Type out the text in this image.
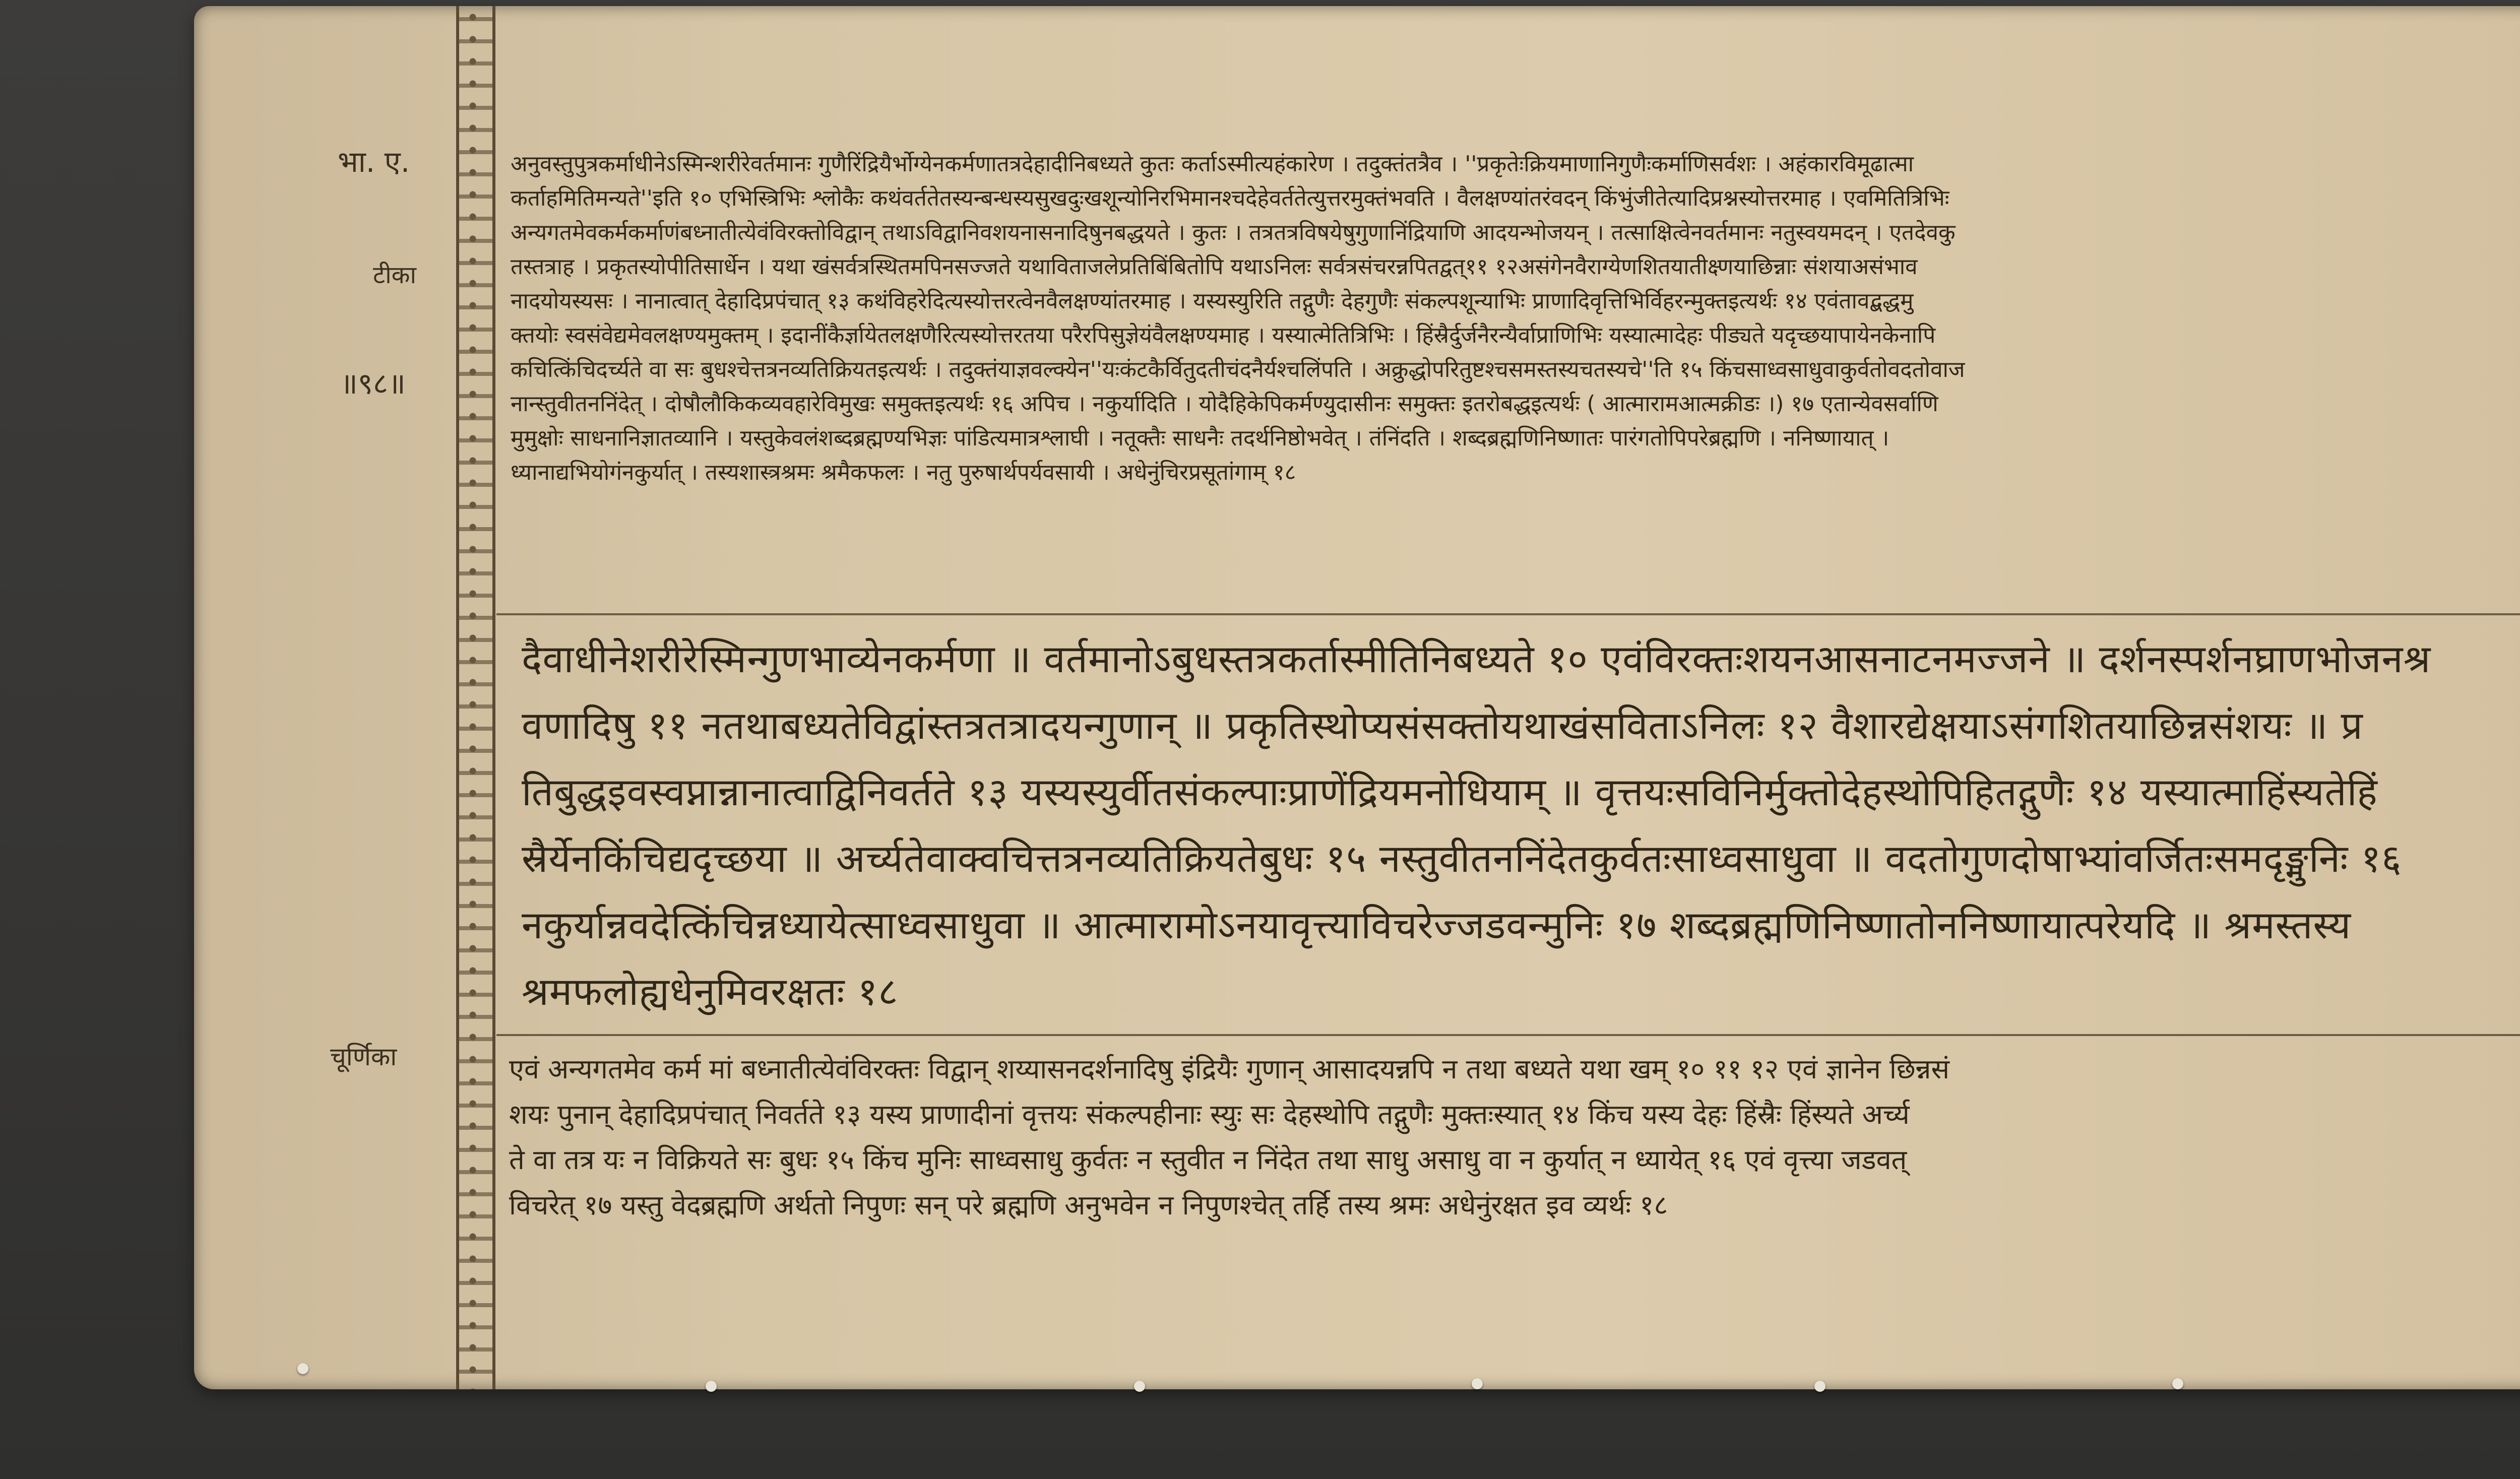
भा. ए.
टीका
॥९८॥
चूर्णिका

अनुवस्तुपुत्रकर्माधीनेऽस्मिन्शरीरेवर्तमानः गुणैरिंद्रियैर्भोग्येनकर्मणातत्रदेहादीनिबध्यते कुतः कर्ताऽस्मीत्यहंकारेण । तदुक्तंतत्रैव । ''प्रकृतेःक्रियमाणानिगुणैःकर्माणिसर्वशः । अहंकारविमूढात्मा

कर्ताहमितिमन्यते''इति १० एभिस्त्रिभिः श्लोकैः कथंवर्ततेतस्यन्बन्धस्यसुखदुःखशून्योनिरभिमानश्चदेहेवर्ततेत्युत्तरमुक्तंभवति । वैलक्षण्यांतरंवदन् किंभुंजीतेत्यादिप्रश्नस्योत्तरमाह । एवमितित्रिभिः

अन्यगतमेवकर्मकर्माणंबध्नातीत्येवंविरक्तोविद्वान् तथाऽविद्वानिवशयनासनादिषुनबद्धयते । कुतः । तत्रतत्रविषयेषुगुणानिंद्रियाणि आदयन्भोजयन् । तत्साक्षित्वेनवर्तमानः नतुस्वयमदन् । एतदेवकु

तस्तत्राह । प्रकृतस्योपीतिसार्धेन । यथा खंसर्वत्रस्थितमपिनसज्जते यथाविताजलेप्रतिबिंबितोपि यथाऽनिलः सर्वत्रसंचरन्नपितद्वत्११ १२असंगेनवैराग्येणशितयातीक्ष्णयाछिन्नाः संशयाअसंभाव

नादयोयस्यसः । नानात्वात् देहादिप्रपंचात् १३ कथंविहरेदित्यस्योत्तरत्वेनवैलक्षण्यांतरमाह । यस्यस्युरिति तद्गुणैः देहगुणैः संकल्पशून्याभिः प्राणादिवृत्तिभिर्विहरन्मुक्तइत्यर्थः १४ एवंतावद्बद्धमु

क्तयोः स्वसंवेद्यमेवलक्षण्यमुक्तम् । इदानींकैर्ज्ञायेतलक्षणैरित्यस्योत्तरतया परैरपिसुज्ञेयंवैलक्षण्यमाह । यस्यात्मेतित्रिभिः । हिंस्रैर्दुर्जनैरन्यैर्वाप्राणिभिः यस्यात्मादेहः पीड्यते यदृच्छयापायेनकेनापि

कचित्किंचिदर्च्यते वा सः बुधश्चेत्तत्रनव्यतिक्रियतइत्यर्थः । तदुक्तंयाज्ञवल्क्येन''यःकंटकैर्वितुदतीचंदनैर्यश्चलिंपति । अक्रुद्धोपरितुष्टश्चसमस्तस्यचतस्यचे''ति १५ किंचसाध्वसाधुवाकुर्वतोवदतोवाज

नान्स्तुवीतननिंदेत् । दोषौलौकिकव्यवहारेविमुखः समुक्तइत्यर्थः १६ अपिच । नकुर्यादिति । योदैहिकेपिकर्मण्युदासीनः समुक्तः इतरोबद्धइत्यर्थः ( आत्मारामआत्मक्रीडः ।) १७ एतान्येवसर्वाणि

मुमुक्षोः साधनानिज्ञातव्यानि । यस्तुकेवलंशब्दब्रह्मण्यभिज्ञः पांडित्यमात्रश्लाघी । नतूक्तैः साधनैः तदर्थनिष्ठोभवेत् । तंनिंदति । शब्दब्रह्मणिनिष्णातः पारंगतोपिपरेब्रह्मणि । ननिष्णायात् ।

ध्यानाद्यभियोगंनकुर्यात् । तस्यशास्त्रश्रमः श्रमैकफलः । नतु पुरुषार्थपर्यवसायी । अधेनुंचिरप्रसूतांगाम् १८

दैवाधीनेशरीरेस्मिन्गुणभाव्येनकर्मणा ॥ वर्तमानोऽबुधस्तत्रकर्तास्मीतिनिबध्यते १० एवंविरक्तःशयनआसनाटनमज्जने ॥ दर्शनस्पर्शनघ्राणभोजनश्र

वणादिषु ११ नतथाबध्यतेविद्वांस्तत्रतत्रादयन्गुणान् ॥ प्रकृतिस्थोप्यसंसक्तोयथाखंसविताऽनिलः १२ वैशारद्येक्षयाऽसंगशितयाछिन्नसंशयः ॥ प्र

तिबुद्धइवस्वप्नान्नानात्वाद्विनिवर्तते १३ यस्यस्युर्वीतसंकल्पाःप्राणेंद्रियमनोधियाम् ॥ वृत्तयःसविनिर्मुक्तोदेहस्थोपिहितद्गुणैः १४ यस्यात्माहिंस्यतेहिं

स्रैर्येनकिंचिद्यदृच्छया ॥ अर्च्यतेवाक्वचित्तत्रनव्यतिक्रियतेबुधः १५ नस्तुवीतननिंदेतकुर्वतःसाध्वसाधुवा ॥ वदतोगुणदोषाभ्यांवर्जितःसमदृङ्मुनिः १६

नकुर्यान्नवदेत्किंचिन्नध्यायेत्साध्वसाधुवा ॥ आत्मारामोऽनयावृत्त्याविचरेज्जडवन्मुनिः १७ शब्दब्रह्मणिनिष्णातोननिष्णायात्परेयदि ॥ श्रमस्तस्य

श्रमफलोह्यधेनुमिवरक्षतः १८

एवं अन्यगतमेव कर्म मां बध्नातीत्येवंविरक्तः विद्वान् शय्यासनदर्शनादिषु इंद्रियैः गुणान् आसादयन्नपि न तथा बध्यते यथा खम् १० ११ १२ एवं ज्ञानेन छिन्नसं

शयः पुनान् देहादिप्रपंचात् निवर्तते १३ यस्य प्राणादीनां वृत्तयः संकल्पहीनाः स्युः सः देहस्थोपि तद्गुणैः मुक्तःस्यात् १४ किंच यस्य देहः हिंस्रैः हिंस्यते अर्च्य

ते वा तत्र यः न विक्रियते सः बुधः १५ किंच मुनिः साध्वसाधु कुर्वतः न स्तुवीत न निंदेत तथा साधु असाधु वा न कुर्यात् न ध्यायेत् १६ एवं वृत्त्या जडवत्

विचरेत् १७ यस्तु वेदब्रह्मणि अर्थतो निपुणः सन् परे ब्रह्मणि अनुभवेन न निपुणश्चेत् तर्हि तस्य श्रमः अधेनुंरक्षत इव व्यर्थः १८
